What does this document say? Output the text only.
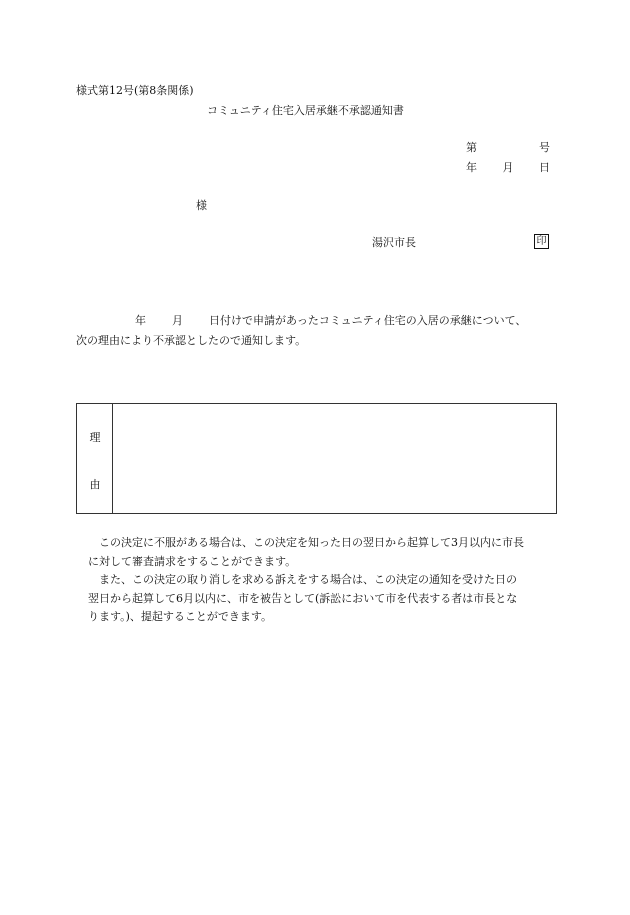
様式第12号(第8条関係)
コミュニティ住宅入居承継不承認通知書
第	号
年 月 日
様
湯沢市長	印
年 月 日付けで申請があったコミュニティ住宅の入居の承継について、
次の理由により不承認としたので通知します。
理
由

　この決定に不服がある場合は、この決定を知った日の翌日から起算して3月以内に市長

に対して審査請求をすることができます。

　また、この決定の取り消しを求める訴えをする場合は、この決定の通知を受けた日の

翌日から起算して6月以内に、市を被告として(訴訟において市を代表する者は市長とな

ります。)、提起することができます。
